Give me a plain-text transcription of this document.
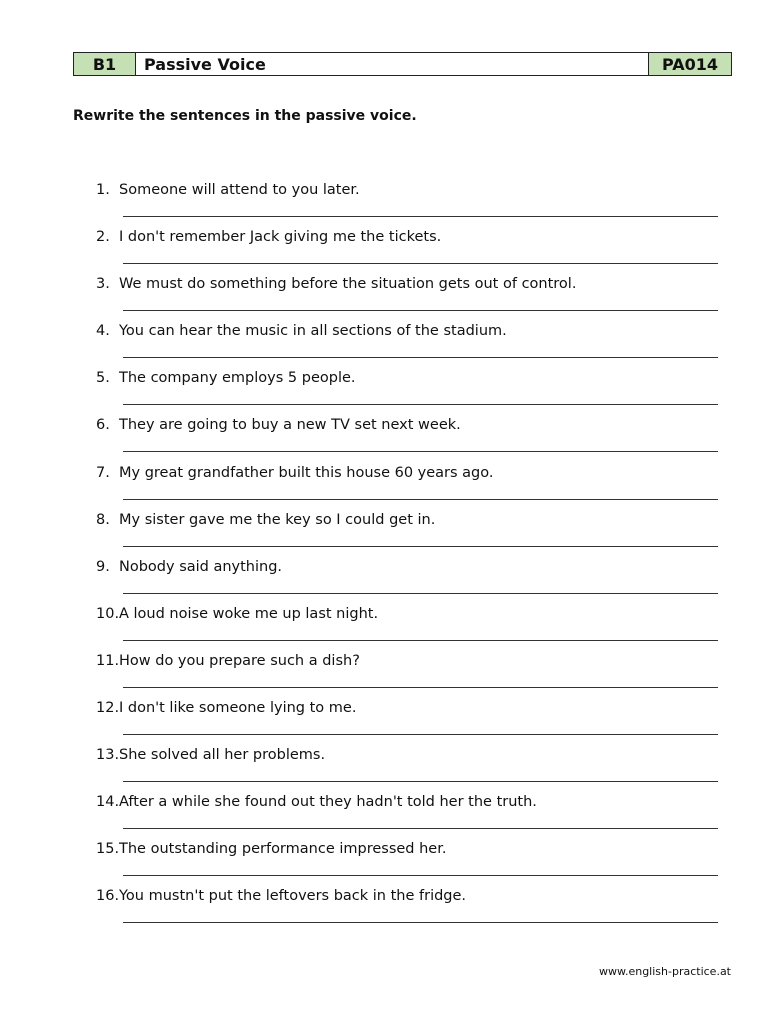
B1	Passive Voice	PA014
Rewrite the sentences in the passive voice.
1. Someone will attend to you later.
2. I don't remember Jack giving me the tickets.
3. We must do something before the situation gets out of control.
4. You can hear the music in all sections of the stadium.
5. The company employs 5 people.
6. They are going to buy a new TV set next week.
7. My great grandfather built this house 60 years ago.
8. My sister gave me the key so I could get in.
9. Nobody said anything.
10. A loud noise woke me up last night.
11. How do you prepare such a dish?
12. I don't like someone lying to me.
13. She solved all her problems.
14. After a while she found out they hadn't told her the truth.
15. The outstanding performance impressed her.
16. You mustn't put the leftovers back in the fridge.
www.english-practice.at
